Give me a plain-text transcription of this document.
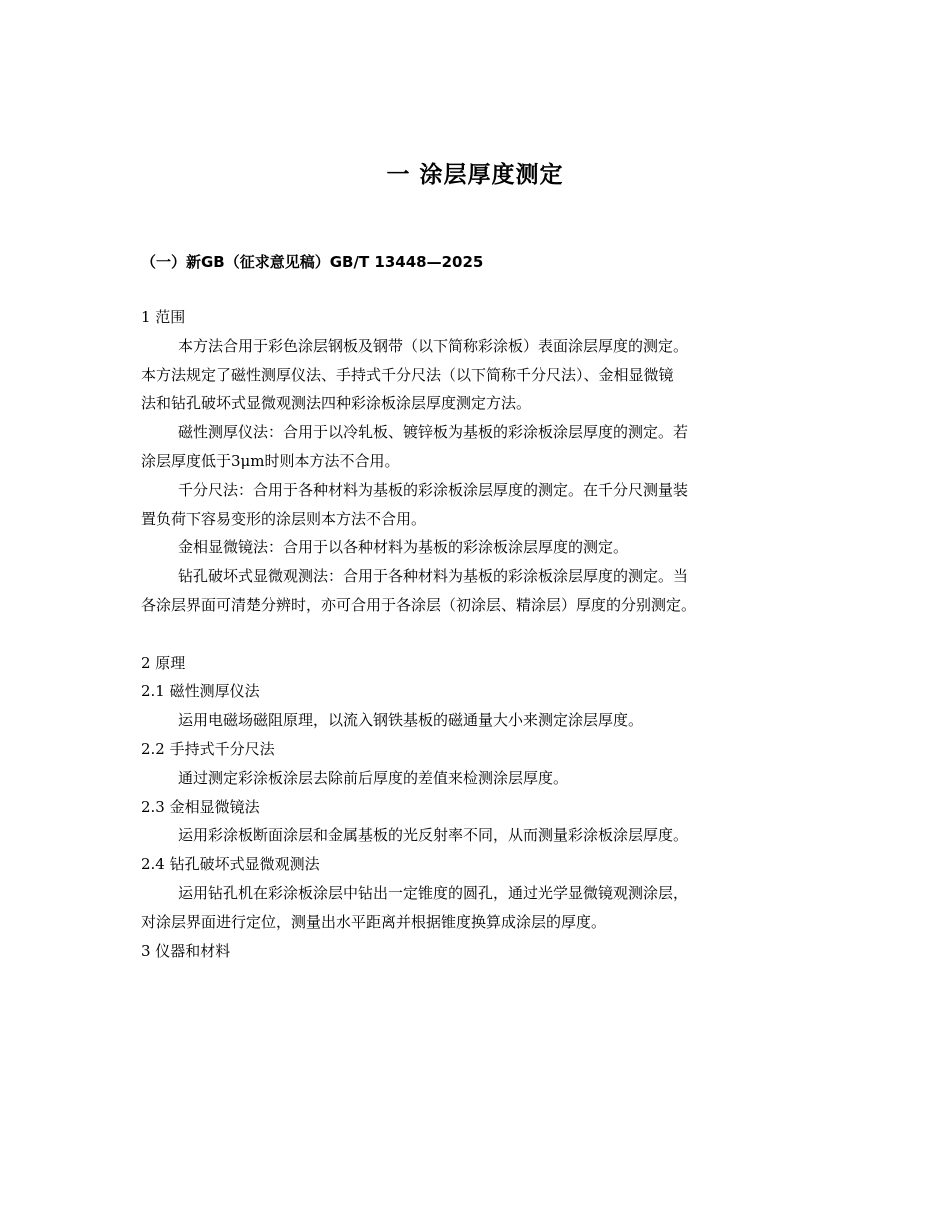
一 涂层厚度测定
（一）新GB（征求意见稿）GB/T 13448—2025

1 范围

本方法合用于彩色涂层钢板及钢带（以下简称彩涂板）表面涂层厚度的测定。

本方法规定了磁性测厚仪法、手持式千分尺法（以下简称千分尺法）、金相显微镜

法和钻孔破坏式显微观测法四种彩涂板涂层厚度测定方法。

磁性测厚仪法：合用于以冷轧板、镀锌板为基板的彩涂板涂层厚度的测定。若

涂层厚度低于3μm时则本方法不合用。

千分尺法：合用于各种材料为基板的彩涂板涂层厚度的测定。在千分尺测量装

置负荷下容易变形的涂层则本方法不合用。

金相显微镜法：合用于以各种材料为基板的彩涂板涂层厚度的测定。

钻孔破坏式显微观测法：合用于各种材料为基板的彩涂板涂层厚度的测定。当

各涂层界面可清楚分辨时，亦可合用于各涂层（初涂层、精涂层）厚度的分别测定。

2 原理

2.1 磁性测厚仪法

运用电磁场磁阻原理，以流入钢铁基板的磁通量大小来测定涂层厚度。

2.2 手持式千分尺法

通过测定彩涂板涂层去除前后厚度的差值来检测涂层厚度。

2.3 金相显微镜法

运用彩涂板断面涂层和金属基板的光反射率不同，从而测量彩涂板涂层厚度。

2.4 钻孔破坏式显微观测法

运用钻孔机在彩涂板涂层中钻出一定锥度的圆孔，通过光学显微镜观测涂层，

对涂层界面进行定位，测量出水平距离并根据锥度换算成涂层的厚度。

3 仪器和材料
